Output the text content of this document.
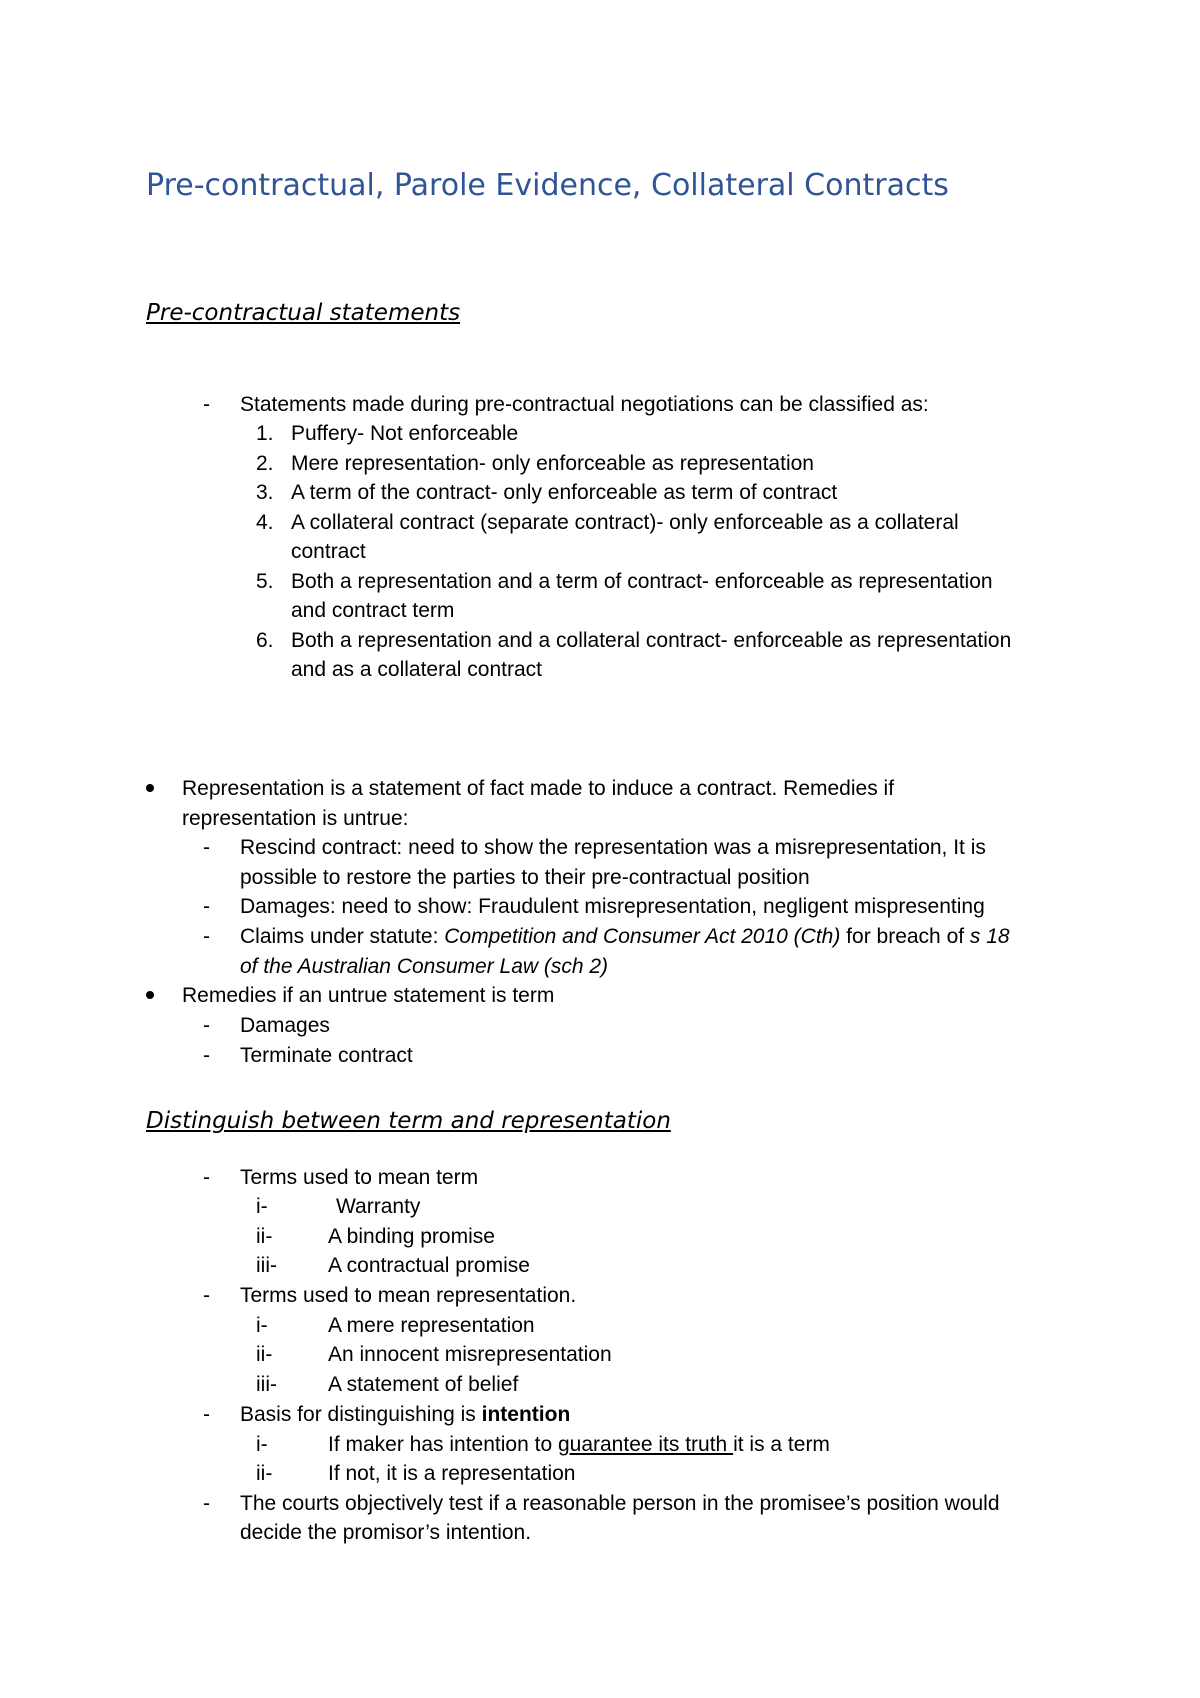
Pre-contractual, Parole Evidence, Collateral Contracts
Pre-contractual statements
- Statements made during pre-contractual negotiations can be classified as:
1. Puffery- Not enforceable
2. Mere representation- only enforceable as representation
3. A term of the contract- only enforceable as term of contract
4. A collateral contract (separate contract)- only enforceable as a collateral
contract
5. Both a representation and a term of contract- enforceable as representation
and contract term
6. Both a representation and a collateral contract- enforceable as representation
and as a collateral contract
Representation is a statement of fact made to induce a contract. Remedies if
representation is untrue:
- Rescind contract: need to show the representation was a misrepresentation, It is
possible to restore the parties to their pre-contractual position
- Damages: need to show: Fraudulent misrepresentation, negligent mispresenting
- Claims under statute: Competition and Consumer Act 2010 (Cth) for breach of s 18
of the Australian Consumer Law (sch 2)
Remedies if an untrue statement is term
- Damages
- Terminate contract
Distinguish between term and representation
- Terms used to mean term
i-	Warranty
ii-	A binding promise
iii- A contractual promise
- Terms used to mean representation.
i-	A mere representation
ii-	An innocent misrepresentation
iii- A statement of belief
- Basis for distinguishing is intention
i-	If maker has intention to guarantee its truth it is a term
ii-	If not, it is a representation
- The courts objectively test if a reasonable person in the promisee’s position would
decide the promisor’s intention.
